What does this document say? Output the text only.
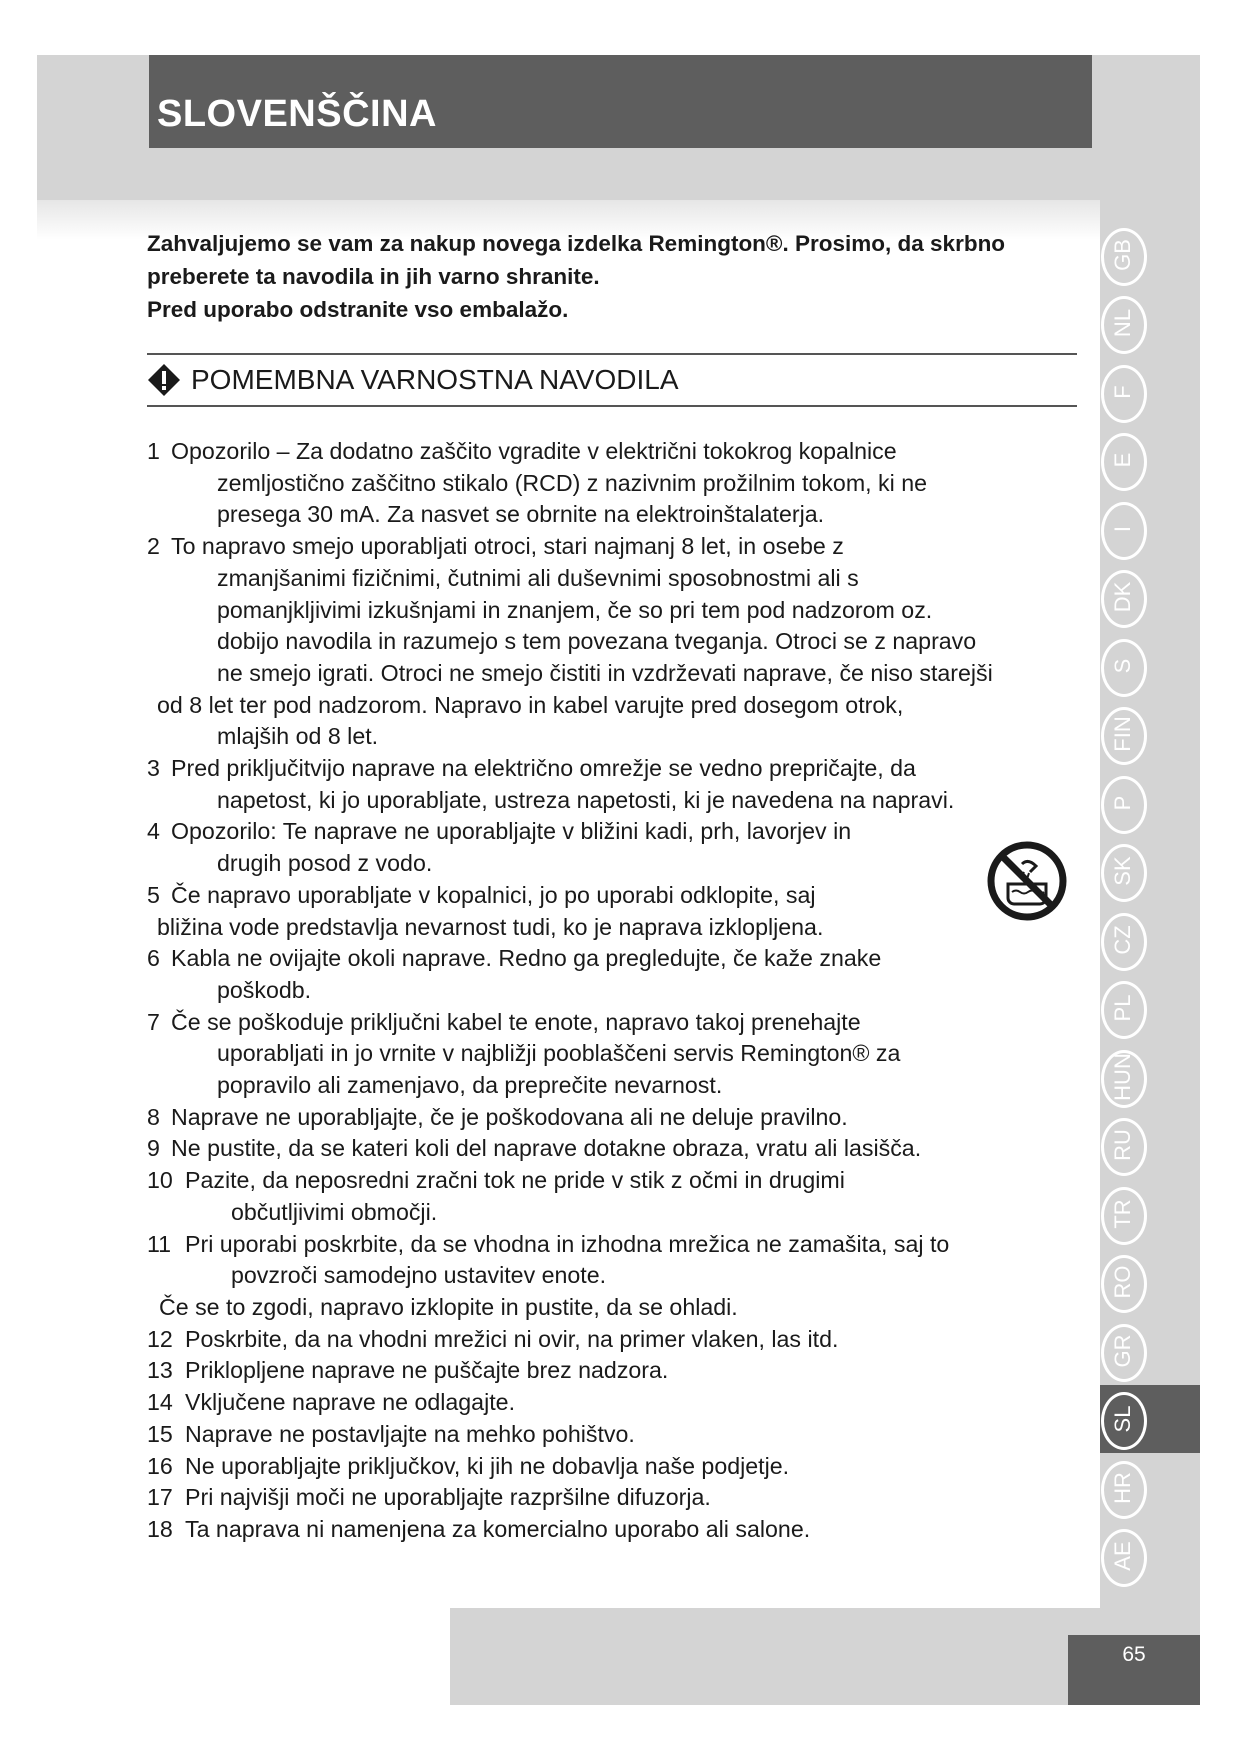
SLOVENŠČINA

Zahvaljujemo se vam za nakup novega izdelka Remington®. Prosimo, da skrbno preberete ta navodila in jih varno shranite.

Pred uporabo odstranite vso embalažo.

POMEMBNA VARNOSTNA NAVODILA
1 Opozorilo – Za dodatno zaščito vgradite v električni tokokrog kopalnice
zemljostično zaščitno stikalo (RCD) z nazivnim prožilnim tokom, ki ne
presega 30 mA. Za nasvet se obrnite na elektroinštalaterja.
2 To napravo smejo uporabljati otroci, stari najmanj 8 let, in osebe z
zmanjšanimi fizičnimi, čutnimi ali duševnimi sposobnostmi ali s
pomanjkljivimi izkušnjami in znanjem, če so pri tem pod nadzorom oz.
dobijo navodila in razumejo s tem povezana tveganja. Otroci se z napravo
ne smejo igrati. Otroci ne smejo čistiti in vzdrževati naprave, če niso starejši
od 8 let ter pod nadzorom. Napravo in kabel varujte pred dosegom otrok,
mlajših od 8 let.
3 Pred priključitvijo naprave na električno omrežje se vedno prepričajte, da
napetost, ki jo uporabljate, ustreza napetosti, ki je navedena na napravi.
4 Opozorilo: Te naprave ne uporabljajte v bližini kadi, prh, lavorjev in
drugih posod z vodo.
5 Če napravo uporabljate v kopalnici, jo po uporabi odklopite, saj
bližina vode predstavlja nevarnost tudi, ko je naprava izklopljena.
6 Kabla ne ovijajte okoli naprave. Redno ga pregledujte, če kaže znake
poškodb.
7 Če se poškoduje priključni kabel te enote, napravo takoj prenehajte
uporabljati in jo vrnite v najbližji pooblaščeni servis Remington® za
popravilo ali zamenjavo, da preprečite nevarnost.
8 Naprave ne uporabljajte, če je poškodovana ali ne deluje pravilno.
9 Ne pustite, da se kateri koli del naprave dotakne obraza, vratu ali lasišča.
10 Pazite, da neposredni zračni tok ne pride v stik z očmi in drugimi
občutljivimi območji.
11 Pri uporabi poskrbite, da se vhodna in izhodna mrežica ne zamašita, saj to
povzroči samodejno ustavitev enote.
Če se to zgodi, napravo izklopite in pustite, da se ohladi.
12 Poskrbite, da na vhodni mrežici ni ovir, na primer vlaken, las itd.
13 Priklopljene naprave ne puščajte brez nadzora.
14 Vključene naprave ne odlagajte.
15 Naprave ne postavljajte na mehko pohištvo.
16 Ne uporabljajte priključkov, ki jih ne dobavlja naše podjetje.
17 Pri najvišji moči ne uporabljajte razpršilne difuzorja.
18 Ta naprava ni namenjena za komercialno uporabo ali salone.
AE
HR
SL
GR
RO
TR
RU
HUN
PL
CZ
SK
P
FIN
S
DK
I
E
F
NL
GB
65
